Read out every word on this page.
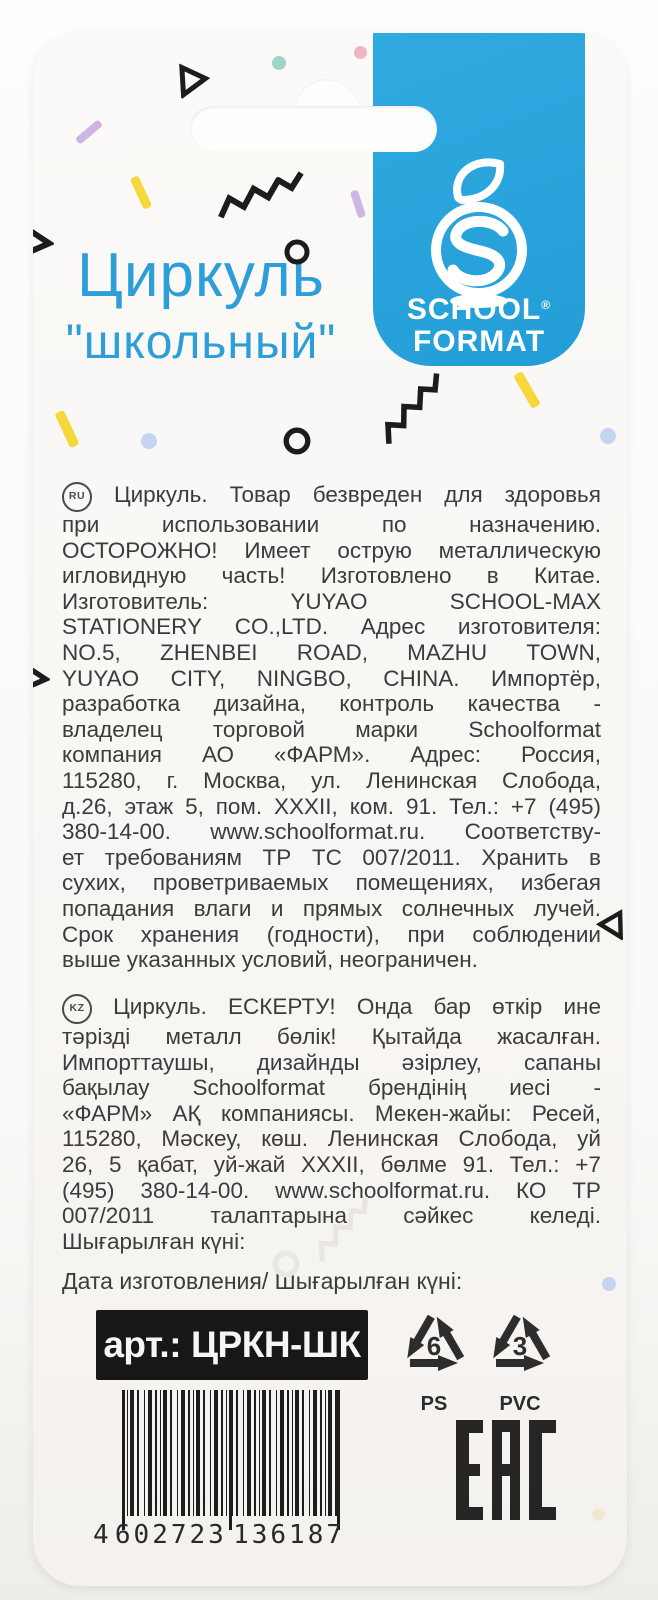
SCHOOL®
FORMAT
Циркуль
"школьный"
RU	Циркуль. Товар безвреден для здоровья
при	использовании	по	назначению.
ОСТОРОЖНО! Имеет острую металлическую
игловидную часть! Изготовлено в Китае.
Изготовитель:	YUYAO	SCHOOL-MAX
STATIONERY CO.,LTD. Адрес изготовителя:
NO.5, ZHENBEI ROAD, MAZHU TOWN,
YUYAO CITY, NINGBO, CHINA. Импортёр,
разработка дизайна, контроль качества -
владелец торговой марки Schoolformat
компания АО «ФАРМ». Адрес: Россия,
115280, г. Москва, ул. Ленинская Слобода,
д.26, этаж 5, пом. XXXII, ком. 91. Тел.: +7 (495)
380-14-00. www.schoolformat.ru. Соответству-
ет требованиям ТР ТС 007/2011. Хранить в
сухих, проветриваемых помещениях, избегая
попадания влаги и прямых солнечных лучей.
Срок хранения (годности), при соблюдении
выше указанных условий, неограничен.
KZ	Циркуль. ЕСКЕРТУ! Онда бар өткір ине
тәрізді металл бөлік! Қытайда жасалған.
Импорттаушы, дизайнды әзірлеу, сапаны
бақылау Schoolformat брендінің иесі -
«ФАРМ» АҚ компаниясы. Мекен-жайы: Ресей,
115280, Мәскеу, көш. Ленинская Слобода, уй
26, 5 қабат, уй-жай XXXII, бөлме 91. Тел.: +7
(495) 380-14-00. www.schoolformat.ru. КО ТР
007/2011 талаптарына сәйкес келеді.
Шығарылған күні:
Дата изготовления/ Шығарылған күні:
арт.: ЦРКН-ШК	6
PS
3
PVC
4 602723 136187
